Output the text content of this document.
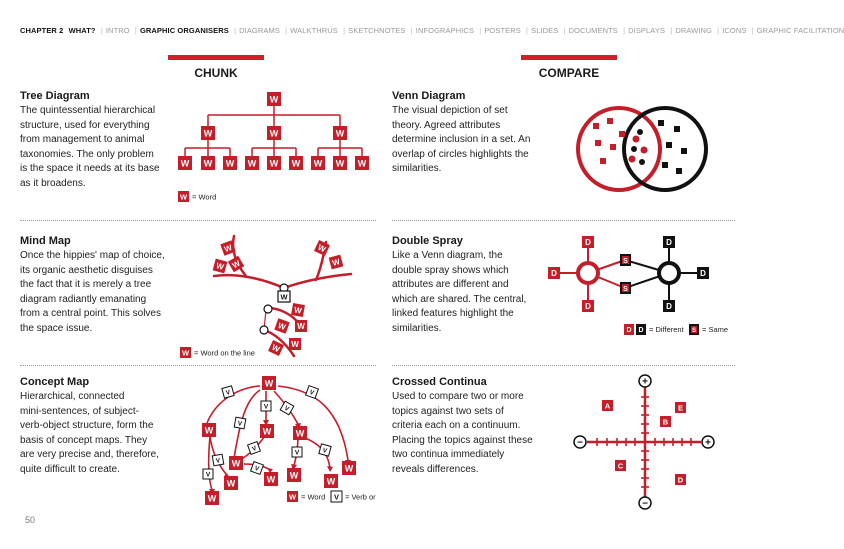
CHAPTER 2 WHAT? | INTRO | GRAPHIC ORGANISERS | DIAGRAMS | WALKTHRUS | SKETCHNOTES | INFOGRAPHICS | POSTERS | SLIDES | DOCUMENTS | DISPLAYS | DRAWING | ICONS | GRAPHIC FACILITATION
CHUNK	COMPARE
Tree Diagram
The quintessential hierarchical
structure, used for everything
from management to animal
taxonomies. The only problem
is the space it needs at its base
as it broadens.
W
W	W	W
W W W W W W W W W
W = Word
Venn Diagram
The visual depiction of set
theory. Agreed attributes
determine inclusion in a set. An
overlap of circles highlights the
similarities.
Mind Map
Once the hippies' map of choice,
its organic aesthetic disguises
the fact that it is merely a tree
diagram radiantly emanating
from a central point. This solves
the space issue.
W
W
W
W
W
W
W
W
W
W
W
W = Word on the line
Double Spray
Like a Venn diagram, the
double spray shows which
attributes are different and
which are shared. The central,
linked features highlight the
similarities.
D
D
D
S
S
D
D
D
D D = Different S = Same
Concept Map
Hierarchical, connected
mini-sentences, of subject-
verb-object structure, form the
basis of concept maps. They
are very precise and, therefore,
quite difficult to create.
W
W	W	W
W
W
W
W
W
W
W
V	V
V V
V
V
V	V
V
V
V
W = Word V = Verb or
Crossed Continua
Used to compare two or more
topics against two sets of
criteria each on a continuum.
Placing the topics against these
two continua immediately
reveals differences.
+
−
−	+
A	E
B
C
D
50
